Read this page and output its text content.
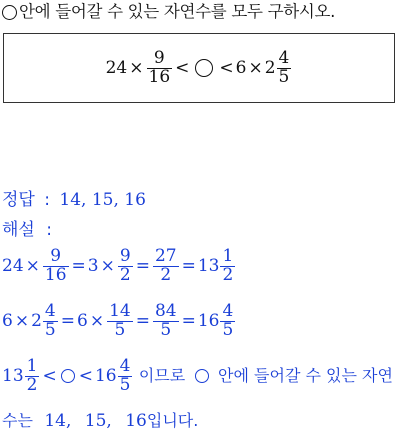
안에 들어갈 수 있는 자연수를 모두 구하시오.
$24 \times \frac{9}{16}$ < < $6 \times 2 \frac{4}{5}$
정답 : 14, 15, 16
해설 :
$24 \times \frac{9}{16} = 3 \times \frac{9}{2} = \frac{27}{2} = 13 \frac{1}{2}$
$6 \times 2 \frac{4}{5} = 6 \times \frac{14}{5} = \frac{84}{5} = 16 \frac{4}{5}$
$13 \frac{1}{2}$ < < $16 \frac{4}{5}$ 이므로 안에 들어갈 수 있는 자연
수는 14, 15, 16입니다.
